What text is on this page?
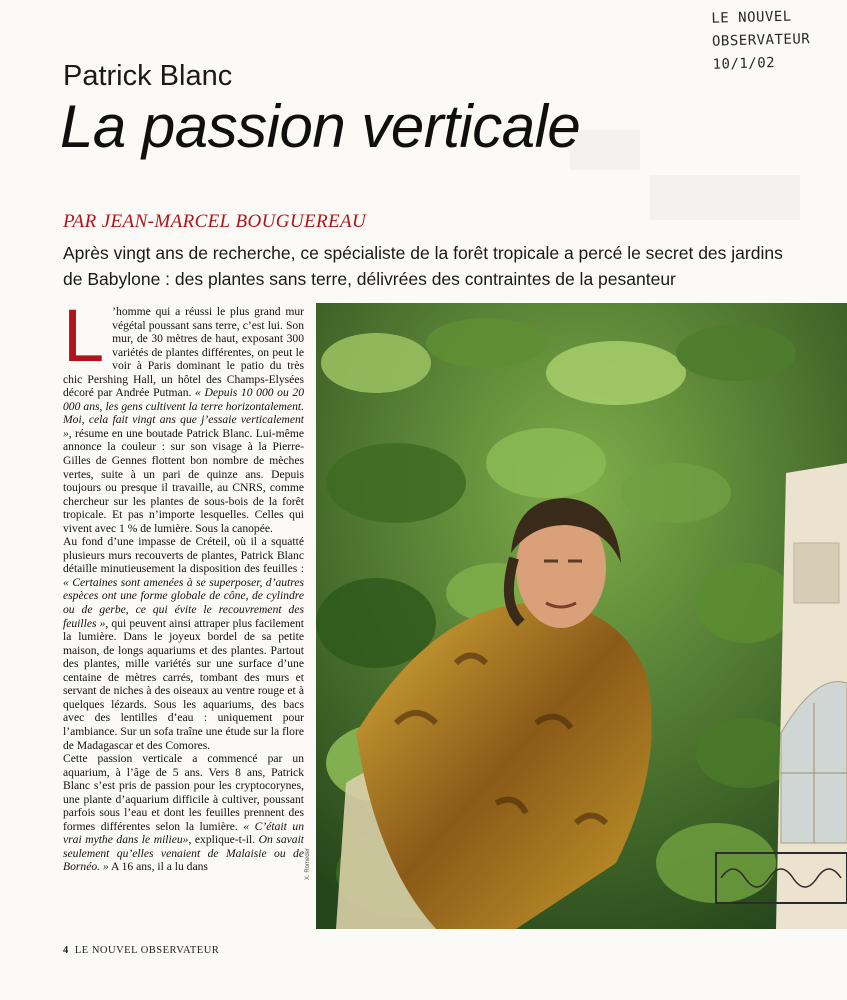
LE NOUVEL
OBSERVATEUR
10/1/02
Patrick Blanc
La passion verticale
PAR JEAN-MARCEL BOUGUEREAU
Après vingt ans de recherche, ce spécialiste de la forêt tropicale a percé le secret des jardins de Babylone : des plantes sans terre, délivrées des contraintes de la pesanteur

L ’homme qui a réussi le plus grand mur végétal poussant sans terre, c’est lui. Son mur, de 30 mètres de haut, exposant 300 variétés de plantes différentes, on peut le voir à Paris dominant le patio du très chic Pershing Hall, un hôtel des Champs-Elysées décoré par Andrée Putman. « Depuis 10 000 ou 20 000 ans, les gens cultivent la terre horizontalement. Moi, cela fait vingt ans que j’essaie verticalement », résume en une boutade Patrick Blanc. Lui-même annonce la couleur : sur son visage à la Pierre-Gilles de Gennes flottent bon nombre de mèches vertes, suite à un pari de quinze ans. Depuis toujours ou presque il travaille, au CNRS, comme chercheur sur les plantes de sous-bois de la forêt tropicale. Et pas n’importe lesquelles. Celles qui vivent avec 1 % de lumière. Sous la canopée.

Au fond d’une impasse de Créteil, où il a squatté plusieurs murs recouverts de plantes, Patrick Blanc détaille minutieusement la disposition des feuilles : « Certaines sont amenées à se superposer, d’autres espèces ont une forme globale de cône, de cylindre ou de gerbe, ce qui évite le recouvrement des feuilles », qui peuvent ainsi attraper plus facilement la lumière. Dans le joyeux bordel de sa petite maison, de longs aquariums et des plantes. Partout des plantes, mille variétés sur une surface d’une centaine de mètres carrés, tombant des murs et servant de niches à des oiseaux au ventre rouge et à quelques lézards. Sous les aquariums, des bacs avec des lentilles d’eau : uniquement pour l’ambiance. Sur un sofa traîne une étude sur la flore de Madagascar et des Comores.

Cette passion verticale a commencé par un aquarium, à l’âge de 5 ans. Vers 8 ans, Patrick Blanc s’est pris de passion pour les cryptocorynes, une plante d’aquarium difficile à cultiver, poussant parfois sous l’eau et dont les feuilles prennent des formes différentes selon la lumière. « C’était un vrai mythe dans le milieu», explique-t-il. On savait seulement qu’elles venaient de Malaisie ou de Bornéo. » A 16 ans, il a lu dans	X. Romeder
4 LE NOUVEL OBSERVATEUR
